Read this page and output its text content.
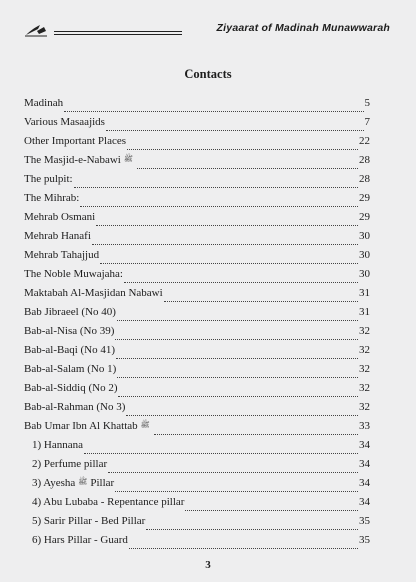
Ziyaarat of Madinah Munawwarah
Contacts
Madinah	5
Various Masaajids	7
Other Important Places	22
The Masjid-e-Nabawi ﷺ	28
The pulpit:	28
The Mihrab:	29
Mehrab Osmani	29
Mehrab Hanafi	30
Mehrab Tahajjud	30
The Noble Muwajaha:	30
Maktabah Al-Masjidan Nabawi	31
Bab Jibraeel (No 40)	31
Bab-al-Nisa (No 39)	32
Bab-al-Baqi (No 41)	32
Bab-al-Salam (No 1)	32
Bab-al-Siddiq (No 2)	32
Bab-al-Rahman (No 3)	32
Bab Umar Ibn Al Khattab ﷺ	33
1) Hannana	34
2) Perfume pillar	34
3) Ayesha ﷺ Pillar	34
4) Abu Lubaba - Repentance pillar	34
5) Sarir Pillar - Bed Pillar	35
6) Hars Pillar - Guard	35
3
